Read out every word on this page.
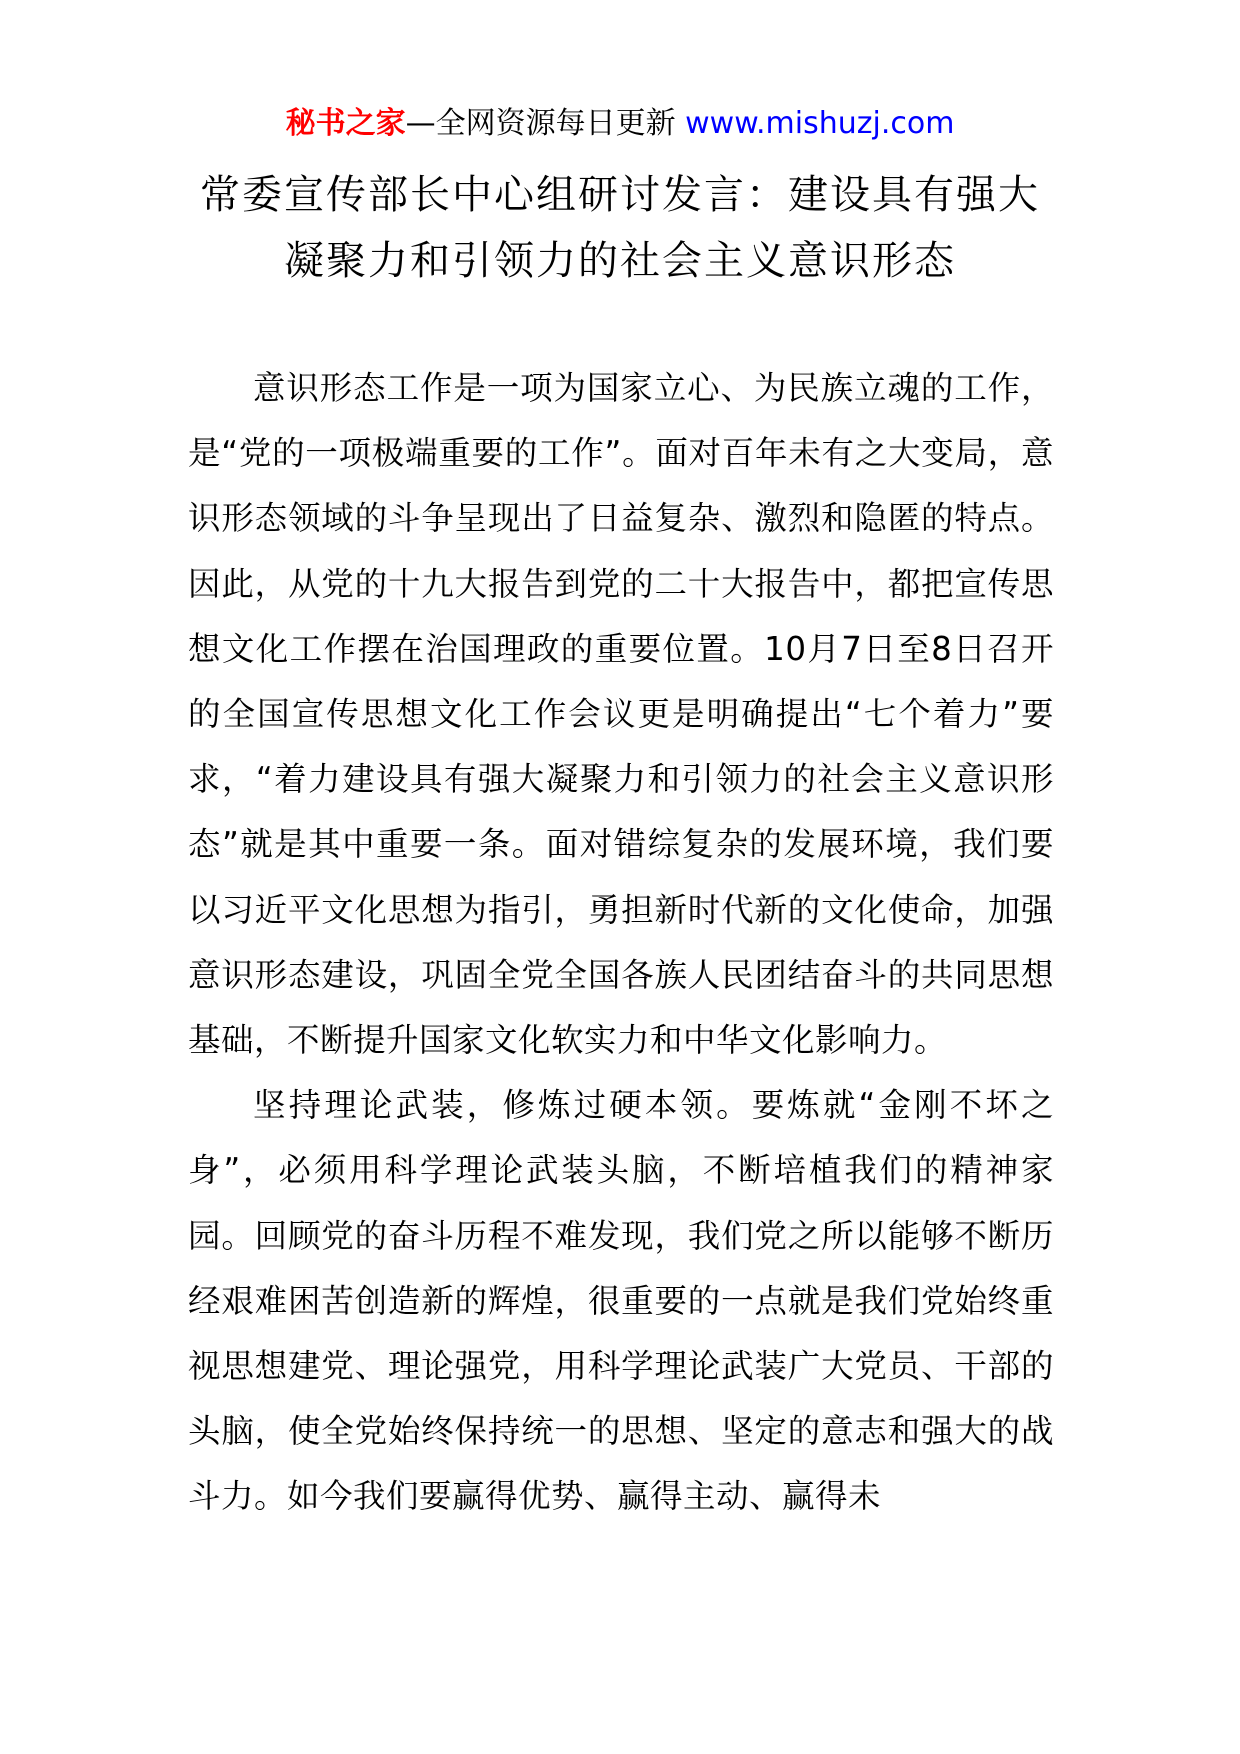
秘书之家—全网资源每日更新 www.mishuzj.com
常委宣传部长中心组研讨发言：建设具有强大
凝聚力和引领力的社会主义意识形态

意识形态工作是一项为国家立心、为民族立魂的工作，是“党的一项极端重要的工作”。面对百年未有之大变局，意识形态领域的斗争呈现出了日益复杂、激烈和隐匿的特点。因此，从党的十九大报告到党的二十大报告中，都把宣传思想文化工作摆在治国理政的重要位置。10月7日至8日召开的全国宣传思想文化工作会议更是明确提出“七个着力”要求，“着力建设具有强大凝聚力和引领力的社会主义意识形态”就是其中重要一条。面对错综复杂的发展环境，我们要以习近平文化思想为指引，勇担新时代新的文化使命，加强意识形态建设，巩固全党全国各族人民团结奋斗的共同思想基础，不断提升国家文化软实力和中华文化影响力。

坚持理论武装，修炼过硬本领。要炼就“金刚不坏之身”，必须用科学理论武装头脑，不断培植我们的精神家园。回顾党的奋斗历程不难发现，我们党之所以能够不断历经艰难困苦创造新的辉煌，很重要的一点就是我们党始终重视思想建党、理论强党，用科学理论武装广大党员、干部的头脑，使全党始终保持统一的思想、坚定的意志和强大的战斗力。如今我们要赢得优势、赢得主动、赢得未
